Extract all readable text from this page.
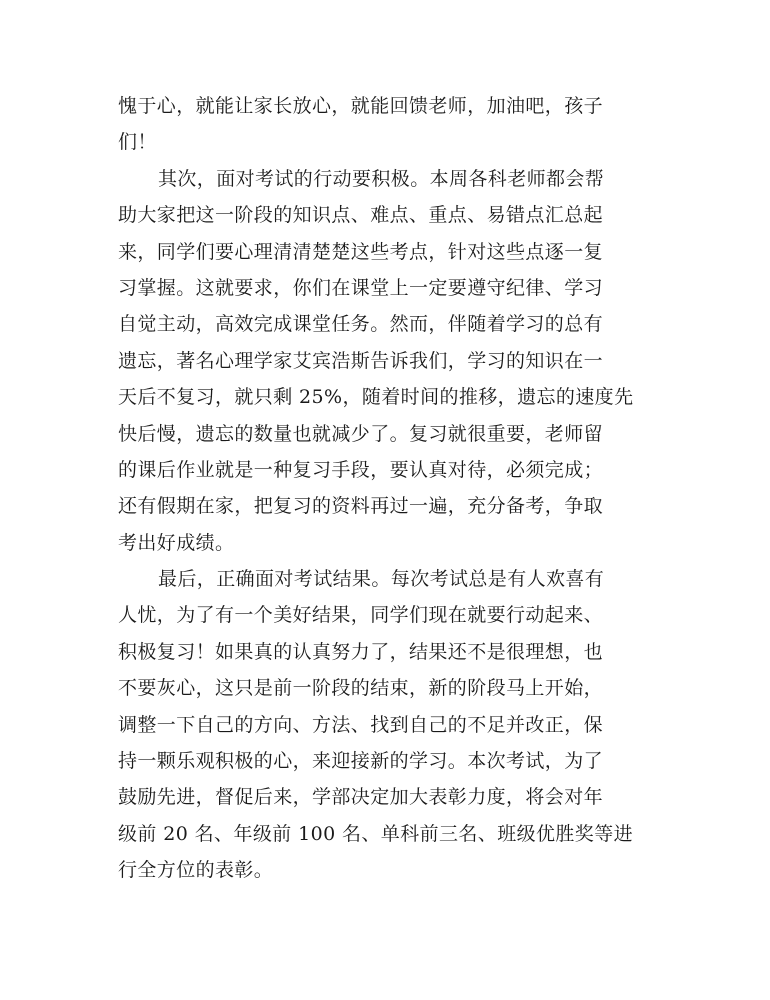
愧于心，就能让家长放心，就能回馈老师，加油吧，孩子
们！
其次，面对考试的行动要积极。本周各科老师都会帮
助大家把这一阶段的知识点、难点、重点、易错点汇总起
来，同学们要心理清清楚楚这些考点，针对这些点逐一复
习掌握。这就要求，你们在课堂上一定要遵守纪律、学习
自觉主动，高效完成课堂任务。然而，伴随着学习的总有
遗忘，著名心理学家艾宾浩斯告诉我们，学习的知识在一
天后不复习，就只剩 25%，随着时间的推移，遗忘的速度先
快后慢，遗忘的数量也就减少了。复习就很重要，老师留
的课后作业就是一种复习手段，要认真对待，必须完成；
还有假期在家，把复习的资料再过一遍，充分备考，争取
考出好成绩。
最后，正确面对考试结果。每次考试总是有人欢喜有
人忧，为了有一个美好结果，同学们现在就要行动起来、
积极复习！如果真的认真努力了，结果还不是很理想，也
不要灰心，这只是前一阶段的结束，新的阶段马上开始，
调整一下自己的方向、方法、找到自己的不足并改正，保
持一颗乐观积极的心，来迎接新的学习。本次考试，为了
鼓励先进，督促后来，学部决定加大表彰力度，将会对年
级前 20 名、年级前 100 名、单科前三名、班级优胜奖等进
行全方位的表彰。
